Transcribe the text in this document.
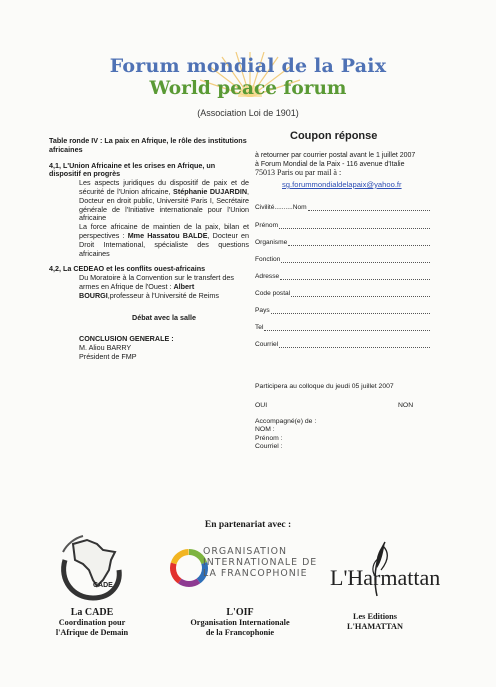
Forum mondial de la Paix
World peace forum
(Association Loi de 1901)
Table ronde IV : La paix en Afrique, le rôle des institutions africaines
4,1, L'Union Africaine et les crises en Afrique, un dispositif en progrès
Les aspects juridiques du dispositif de paix et de sécurité de l'Union africaine, Stéphanie DUJARDIN, Docteur en droit public, Université Paris I, Secrétaire générale de l'Initiative internationale pour l'Union africaine
La force africaine de maintien de la paix, bilan et perspectives : Mme Hassatou BALDE, Docteur en Droit International, spécialiste des questions africaines
4,2, La CEDEAO et les conflits ouest-africains
Du Moratoire à la Convention sur le transfert des armes en Afrique de l'Ouest : Albert BOURGI,professeur à l'Université de Reims
Débat avec la salle
CONCLUSION GENERALE :
M. Aliou BARRY
Président de FMP
Coupon réponse
à retourner par courrier postal avant le 1 juillet 2007
à Forum Mondial de la Paix - 116 avenue d'Italie
75013 Paris ou par mail à :
sg.forummondialdelapaix@yahoo.fr
Civilité..........Nom
Prénom
Organisme
Fonction
Adresse
Code postal
Pays
Tel
Courriel
Participera au colloque du jeudi 05 juillet 2007
OUI	NON
Accompagné(e) de :
NOM :
Prénom :
Courriel :
En partenariat avec :
CADE
ORGANISATION
INTERNATIONALE DE
LA FRANCOPHONIE	L'Harmattan
La CADE
Coordination pour
l'Afrique de Demain
L'OIF
Organisation Internationale
de la Francophonie
Les Editions
L'HAMATTAN
